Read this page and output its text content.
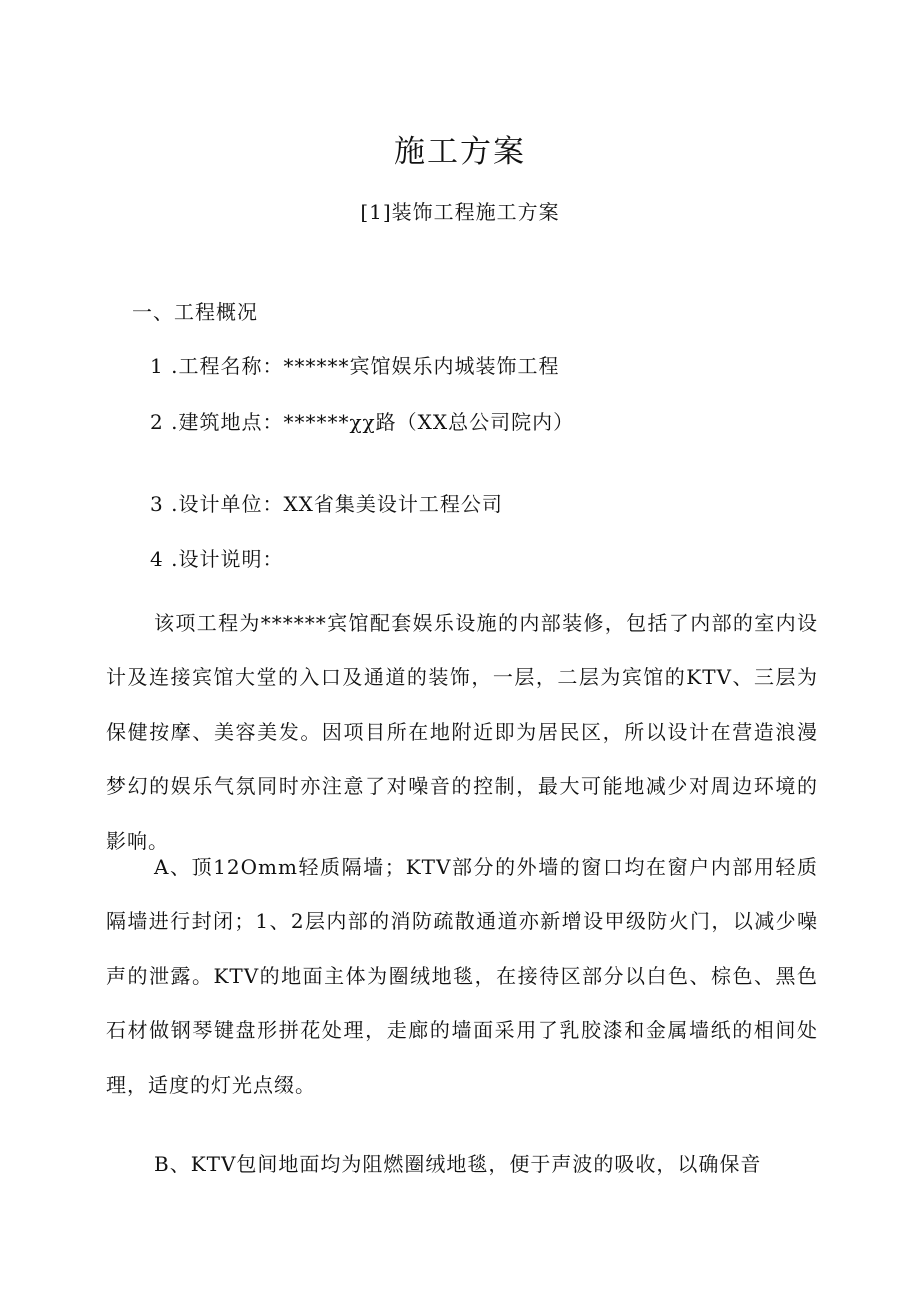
施工方案
[1]装饰工程施工方案
一、工程概况
1 .工程名称：******宾馆娱乐内城装饰工程
2 .建筑地点：******χχ路（XX总公司院内）
3 .设计单位：XX省集美设计工程公司
4 .设计说明：

该项工程为******宾馆配套娱乐设施的内部装修，包括了内部的室内设计及连接宾馆大堂的入口及通道的装饰，一层，二层为宾馆的KTV、三层为保健按摩、美容美发。因项目所在地附近即为居民区，所以设计在营造浪漫梦幻的娱乐气氛同时亦注意了对噪音的控制，最大可能地减少对周边环境的影响。

A、顶12Omm轻质隔墙；KTV部分的外墙的窗口均在窗户内部用轻质隔墙进行封闭；1、2层内部的消防疏散通道亦新增设甲级防火门，以减少噪声的泄露。KTV的地面主体为圈绒地毯，在接待区部分以白色、棕色、黑色石材做钢琴键盘形拼花处理，走廊的墙面采用了乳胶漆和金属墙纸的相间处理，适度的灯光点缀。

B、KTV包间地面均为阻燃圈绒地毯，便于声波的吸收，以确保音
